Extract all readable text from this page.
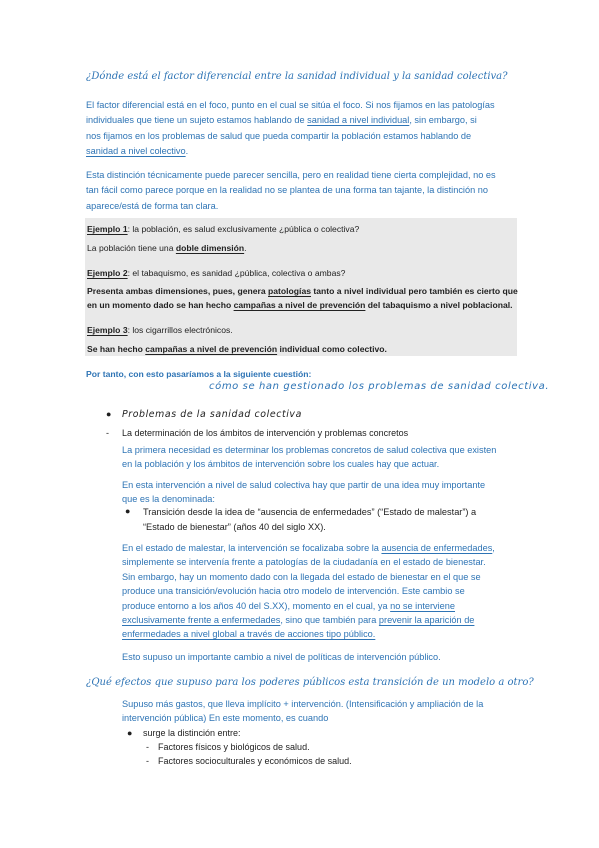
¿Dónde está el factor diferencial entre la sanidad individual y la sanidad colectiva?
El factor diferencial está en el foco, punto en el cual se sitúa el foco. Si nos fijamos en las patologías
individuales que tiene un sujeto estamos hablando de sanidad a nivel individual, sin embargo, si
nos fijamos en los problemas de salud que pueda compartir la población estamos hablando de
sanidad a nivel colectivo.
Esta distinción técnicamente puede parecer sencilla, pero en realidad tiene cierta complejidad, no es
tan fácil como parece porque en la realidad no se plantea de una forma tan tajante, la distinción no
aparece/está de forma tan clara.
Ejemplo 1: la población, es salud exclusivamente ¿pública o colectiva?
La población tiene una doble dimensión.
Ejemplo 2: el tabaquismo, es sanidad ¿pública, colectiva o ambas?
Presenta ambas dimensiones, pues, genera patologías tanto a nivel individual pero también es cierto que
en un momento dado se han hecho campañas a nivel de prevención del tabaquismo a nivel poblacional.
Ejemplo 3: los cigarrillos electrónicos.
Se han hecho campañas a nivel de prevención individual como colectivo.
Por tanto, con esto pasaríamos a la siguiente cuestión:
cómo se han gestionado los problemas de sanidad colectiva.
● Problemas de la sanidad colectiva
- La determinación de los ámbitos de intervención y problemas concretos
La primera necesidad es determinar los problemas concretos de salud colectiva que existen
en la población y los ámbitos de intervención sobre los cuales hay que actuar.
En esta intervención a nivel de salud colectiva hay que partir de una idea muy importante
que es la denominada:
● Transición desde la idea de “ausencia de enfermedades” (“Estado de malestar”) a
“Estado de bienestar” (años 40 del siglo XX).
En el estado de malestar, la intervención se focalizaba sobre la ausencia de enfermedades,
simplemente se intervenía frente a patologías de la ciudadanía en el estado de bienestar.
Sin embargo, hay un momento dado con la llegada del estado de bienestar en el que se
produce una transición/evolución hacia otro modelo de intervención. Este cambio se
produce entorno a los años 40 del S.XX), momento en el cual, ya no se interviene
exclusivamente frente a enfermedades, sino que también para prevenir la aparición de
enfermedades a nivel global a través de acciones tipo público.
Esto supuso un importante cambio a nivel de políticas de intervención público.
¿Qué efectos que supuso para los poderes públicos esta transición de un modelo a otro?
Supuso más gastos, que lleva implícito + intervención. (Intensificación y ampliación de la
intervención pública) En este momento, es cuando
● surge la distinción entre:
- Factores físicos y biológicos de salud.
- Factores socioculturales y económicos de salud.
